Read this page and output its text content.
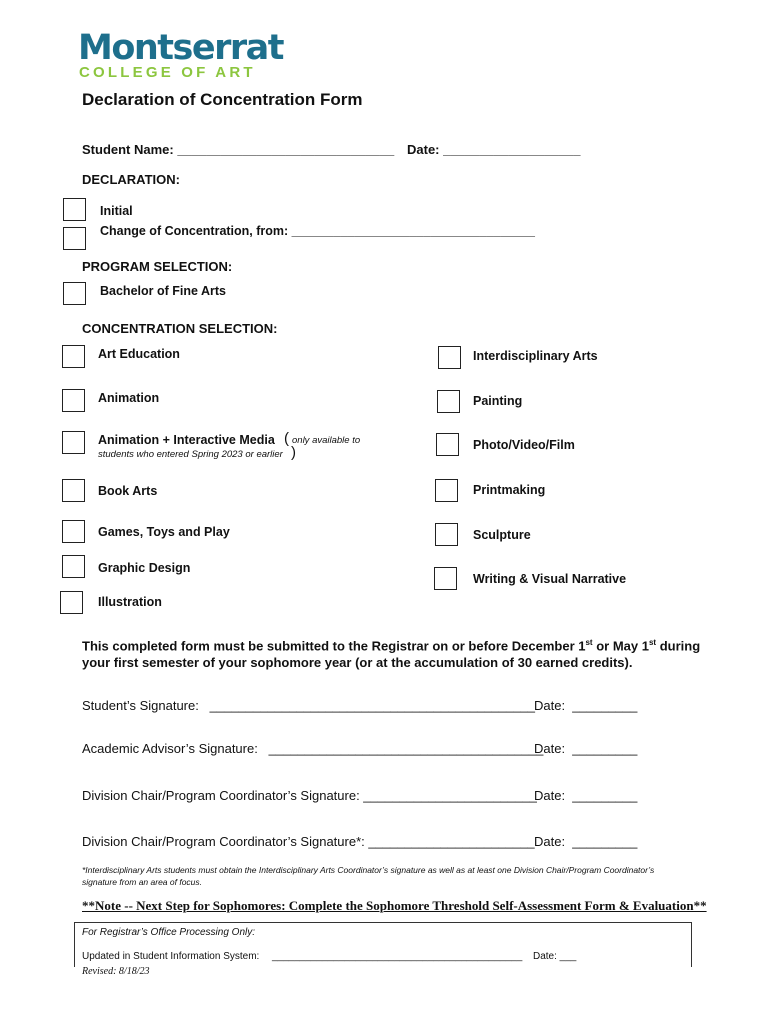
Montserrat
COLLEGE OF ART
Declaration of Concentration Form
Student Name: ______________________________ Date: ___________________
DECLARATION:
Initial
Change of Concentration, from: ___________________________________
PROGRAM SELECTION:
Bachelor of Fine Arts
CONCENTRATION SELECTION:
Art Education
Animation
Animation + Interactive Media ( only available to
students who entered Spring 2023 or earlier )
Book Arts
Games, Toys and Play
Graphic Design
Illustration
Interdisciplinary Arts
Painting
Photo/Video/Film
Printmaking
Sculpture
Writing & Visual Narrative
This completed form must be submitted to the Registrar on or before December 1st or May 1st during
your first semester of your sophomore year (or at the accumulation of 30 earned credits).
Student’s Signature:   _____________________________________________
Date:  _________
Academic Advisor’s Signature:   ______________________________________
Date:  _________
Division Chair/Program Coordinator’s Signature: ________________________
Date:  _________
Division Chair/Program Coordinator’s Signature*: _______________________ Date:  _________
*Interdisciplinary Arts students must obtain the Interdisciplinary Arts Coordinator’s signature as well as at least one Division Chair/Program Coordinator’s signature from an area of focus.
**Note -- Next Step for Sophomores: Complete the Sophomore Threshold Self-Assessment Form & Evaluation**
For Registrar’s Office Processing Only:
Updated in Student Information System: _____________________________________________ Date: ___
Revised: 8/18/23
